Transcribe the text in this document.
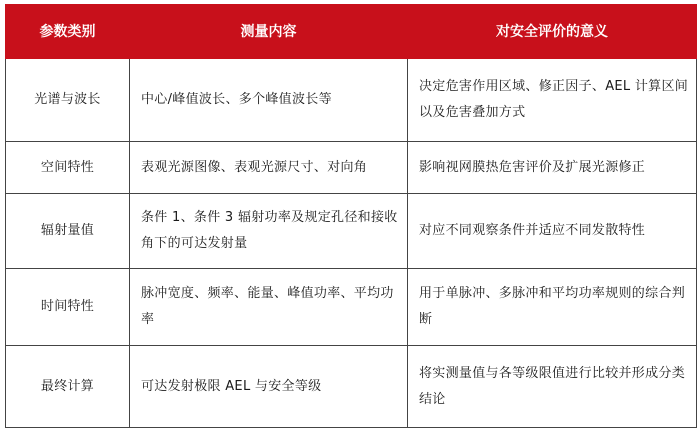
参数类别	测量内容	对安全评价的意义
光谱与波长	中心/峰值波长、多个峰值波长等	决定危害作用区域、修正因子、AEL 计算区间以及危害叠加方式
空间特性	表观光源图像、表观光源尺寸、对向角	影响视网膜热危害评价及扩展光源修正
辐射量值	条件 1、条件 3 辐射功率及规定孔径和接收角下的可达发射量	对应不同观察条件并适应不同发散特性
时间特性	脉冲宽度、频率、能量、峰值功率、平均功率	用于单脉冲、多脉冲和平均功率规则的综合判断
最终计算	可达发射极限 AEL 与安全等级	将实测量值与各等级限值进行比较并形成分类结论
